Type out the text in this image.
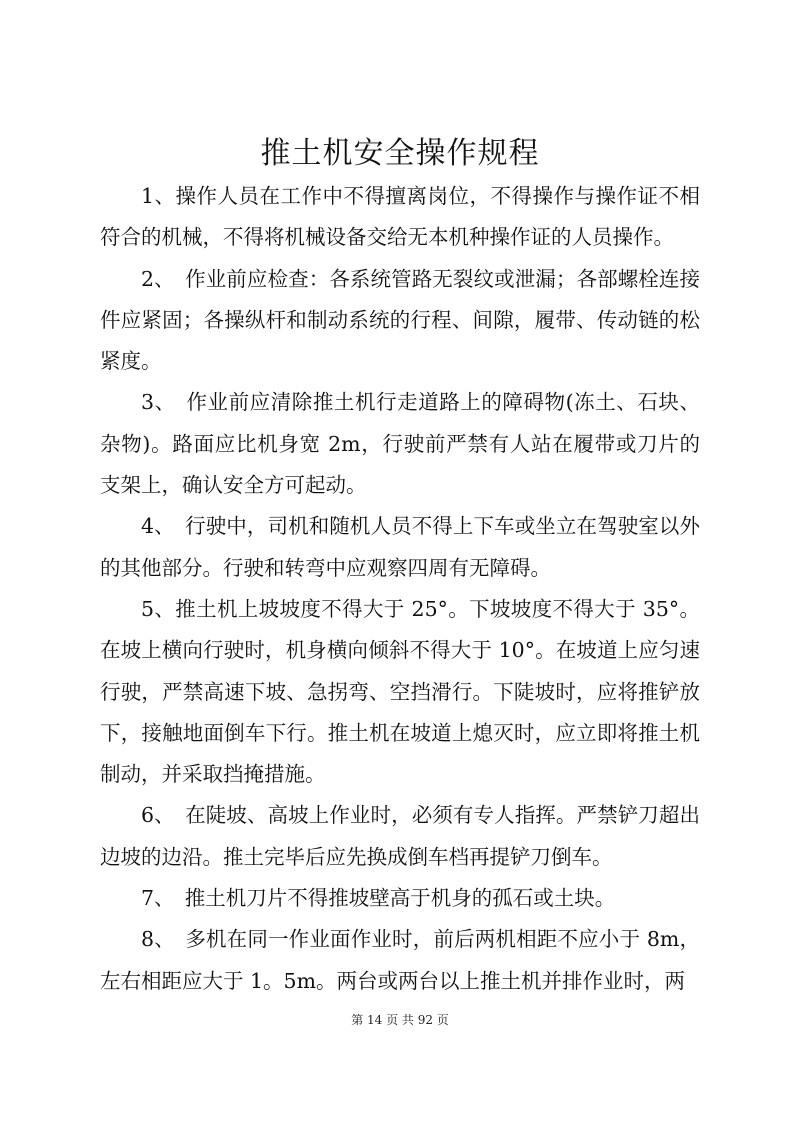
推土机安全操作规程

1、操作人员在工作中不得擅离岗位，不得操作与操作证不相符合的机械，不得将机械设备交给无本机种操作证的人员操作。

2、　作业前应检查：各系统管路无裂纹或泄漏；各部螺栓连接件应紧固；各操纵杆和制动系统的行程、间隙，履带、传动链的松紧度。

3、　作业前应清除推土机行走道路上的障碍物(冻土、石块、杂物)。路面应比机身宽 2m，行驶前严禁有人站在履带或刀片的支架上，确认安全方可起动。

4、　行驶中，司机和随机人员不得上下车或坐立在驾驶室以外的其他部分。行驶和转弯中应观察四周有无障碍。

5、推土机上坡坡度不得大于 25°。下坡坡度不得大于 35°。在坡上横向行驶时，机身横向倾斜不得大于 10°。在坡道上应匀速行驶，严禁高速下坡、急拐弯、空挡滑行。下陡坡时，应将推铲放下，接触地面倒车下行。推土机在坡道上熄灭时，应立即将推土机制动，并采取挡掩措施。

6、　在陡坡、高坡上作业时，必须有专人指挥。严禁铲刀超出边坡的边沿。推土完毕后应先换成倒车档再提铲刀倒车。

7、　推土机刀片不得推坡壁高于机身的孤石或土块。

8、　多机在同一作业面作业时，前后两机相距不应小于 8m，左右相距应大于 1。5m。两台或两台以上推土机并排作业时，两

第 14 页 共 92 页
